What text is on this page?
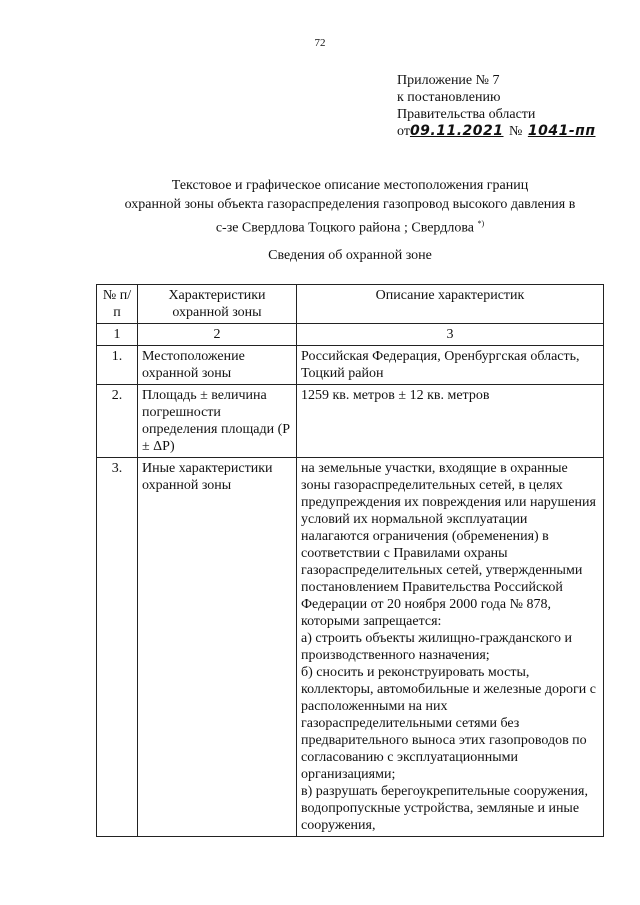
72
Приложение № 7
к постановлению
Правительства области
от09.11.2021 № 1041-пп
Текстовое и графическое описание местоположения границ
охранной зоны объекта газораспределения газопровод высокого давления в
с-зе Свердлова Тоцкого района ; Свердлова *)
Сведения об охранной зоне
№ п/п	Характеристики охранной зоны	Описание характеристик
1	2	3
1.	Местоположение охранной зоны	Российская Федерация, Оренбургская область, Тоцкий район
2.	Площадь ± величина погрешности определения площади (Р ± ΔР)	1259 кв. метров ± 12 кв. метров
3.	Иные характеристики охранной зоны	на земельные участки, входящие в охранные зоны газораспределительных сетей, в целях предупреждения их повреждения или нарушения условий их нормальной эксплуатации налагаются ограничения (обременения) в соответствии с Правилами охраны газораспределительных сетей, утвержденными постановлением Правительства Российской Федерации от 20 ноября 2000 года № 878, которыми запрещается:
а) строить объекты жилищно-гражданского и производственного назначения;
б) сносить и реконструировать мосты, коллекторы, автомобильные и железные дороги с расположенными на них газораспределительными сетями без предварительного выноса этих газопроводов по согласованию с эксплуатационными организациями;
в) разрушать берегоукрепительные сооружения, водопропускные устройства, земляные и иные сооружения,
